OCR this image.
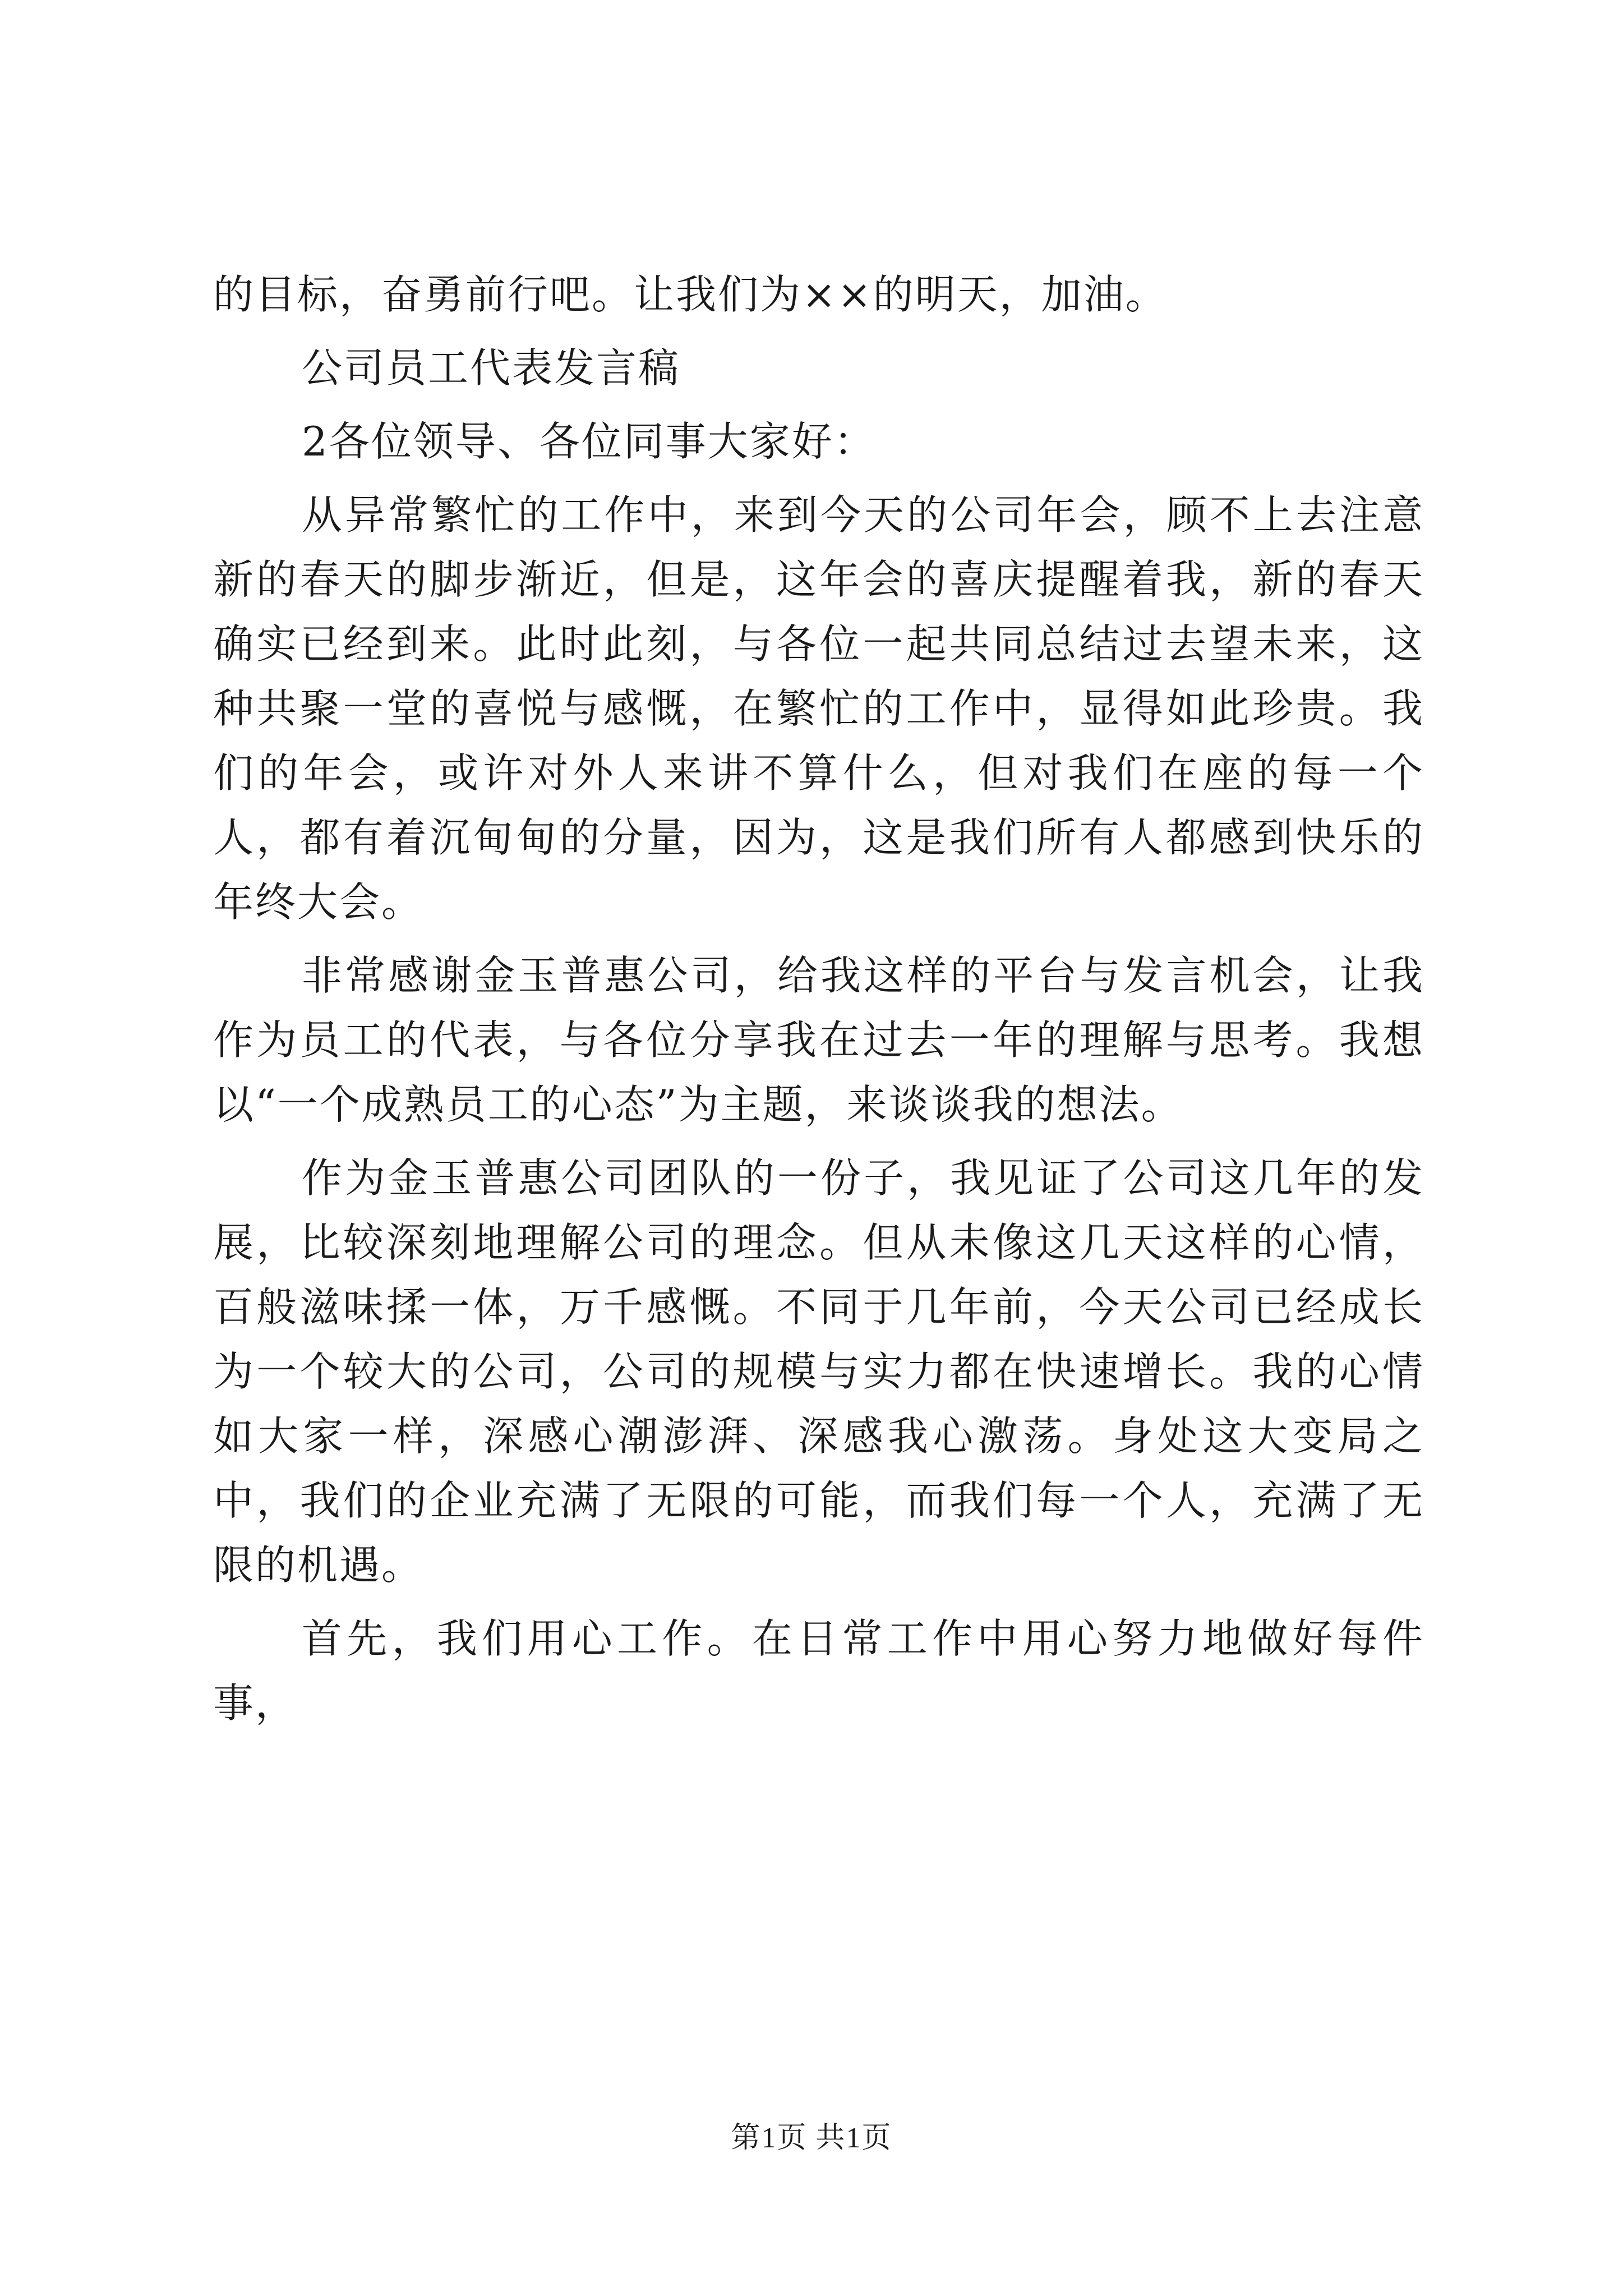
的目标，奋勇前行吧。让我们为××的明天，加油。

公司员工代表发言稿

2各位领导、各位同事大家好：

从异常繁忙的工作中，来到今天的公司年会，顾不上去注意新的春天的脚步渐近，但是，这年会的喜庆提醒着我，新的春天确实已经到来。此时此刻，与各位一起共同总结过去望未来，这种共聚一堂的喜悦与感慨，在繁忙的工作中，显得如此珍贵。我们的年会，或许对外人来讲不算什么，但对我们在座的每一个人，都有着沉甸甸的分量，因为，这是我们所有人都感到快乐的年终大会。

非常感谢金玉普惠公司，给我这样的平台与发言机会，让我作为员工的代表，与各位分享我在过去一年的理解与思考。我想以“一个成熟员工的心态”为主题，来谈谈我的想法。

作为金玉普惠公司团队的一份子，我见证了公司这几年的发展，比较深刻地理解公司的理念。但从未像这几天这样的心情，百般滋味揉一体，万千感慨。不同于几年前，今天公司已经成长为一个较大的公司，公司的规模与实力都在快速增长。我的心情如大家一样，深感心潮澎湃、深感我心激荡。身处这大变局之中，我们的企业充满了无限的可能，而我们每一个人，充满了无限的机遇。

首先，我们用心工作。在日常工作中用心努力地做好每件事，

第1页 共1页
